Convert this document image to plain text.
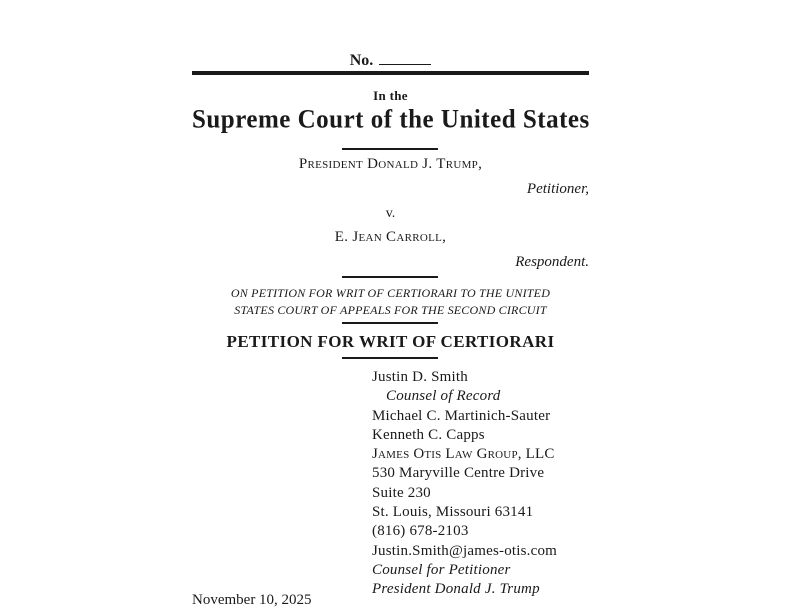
No.
In the
Supreme Court of the United States
President Donald J. Trump,
Petitioner,
v.
E. Jean Carroll,
Respondent.
ON PETITION FOR WRIT OF CERTIORARI TO THE UNITED
STATES COURT OF APPEALS FOR THE SECOND CIRCUIT
PETITION FOR WRIT OF CERTIORARI
Justin D. Smith
Counsel of Record
Michael C. Martinich-Sauter
Kenneth C. Capps
James Otis Law Group, LLC
530 Maryville Centre Drive
Suite 230
St. Louis, Missouri 63141
(816) 678-2103
Justin.Smith@james-otis.com
Counsel for Petitioner
President Donald J. Trump
November 10, 2025
